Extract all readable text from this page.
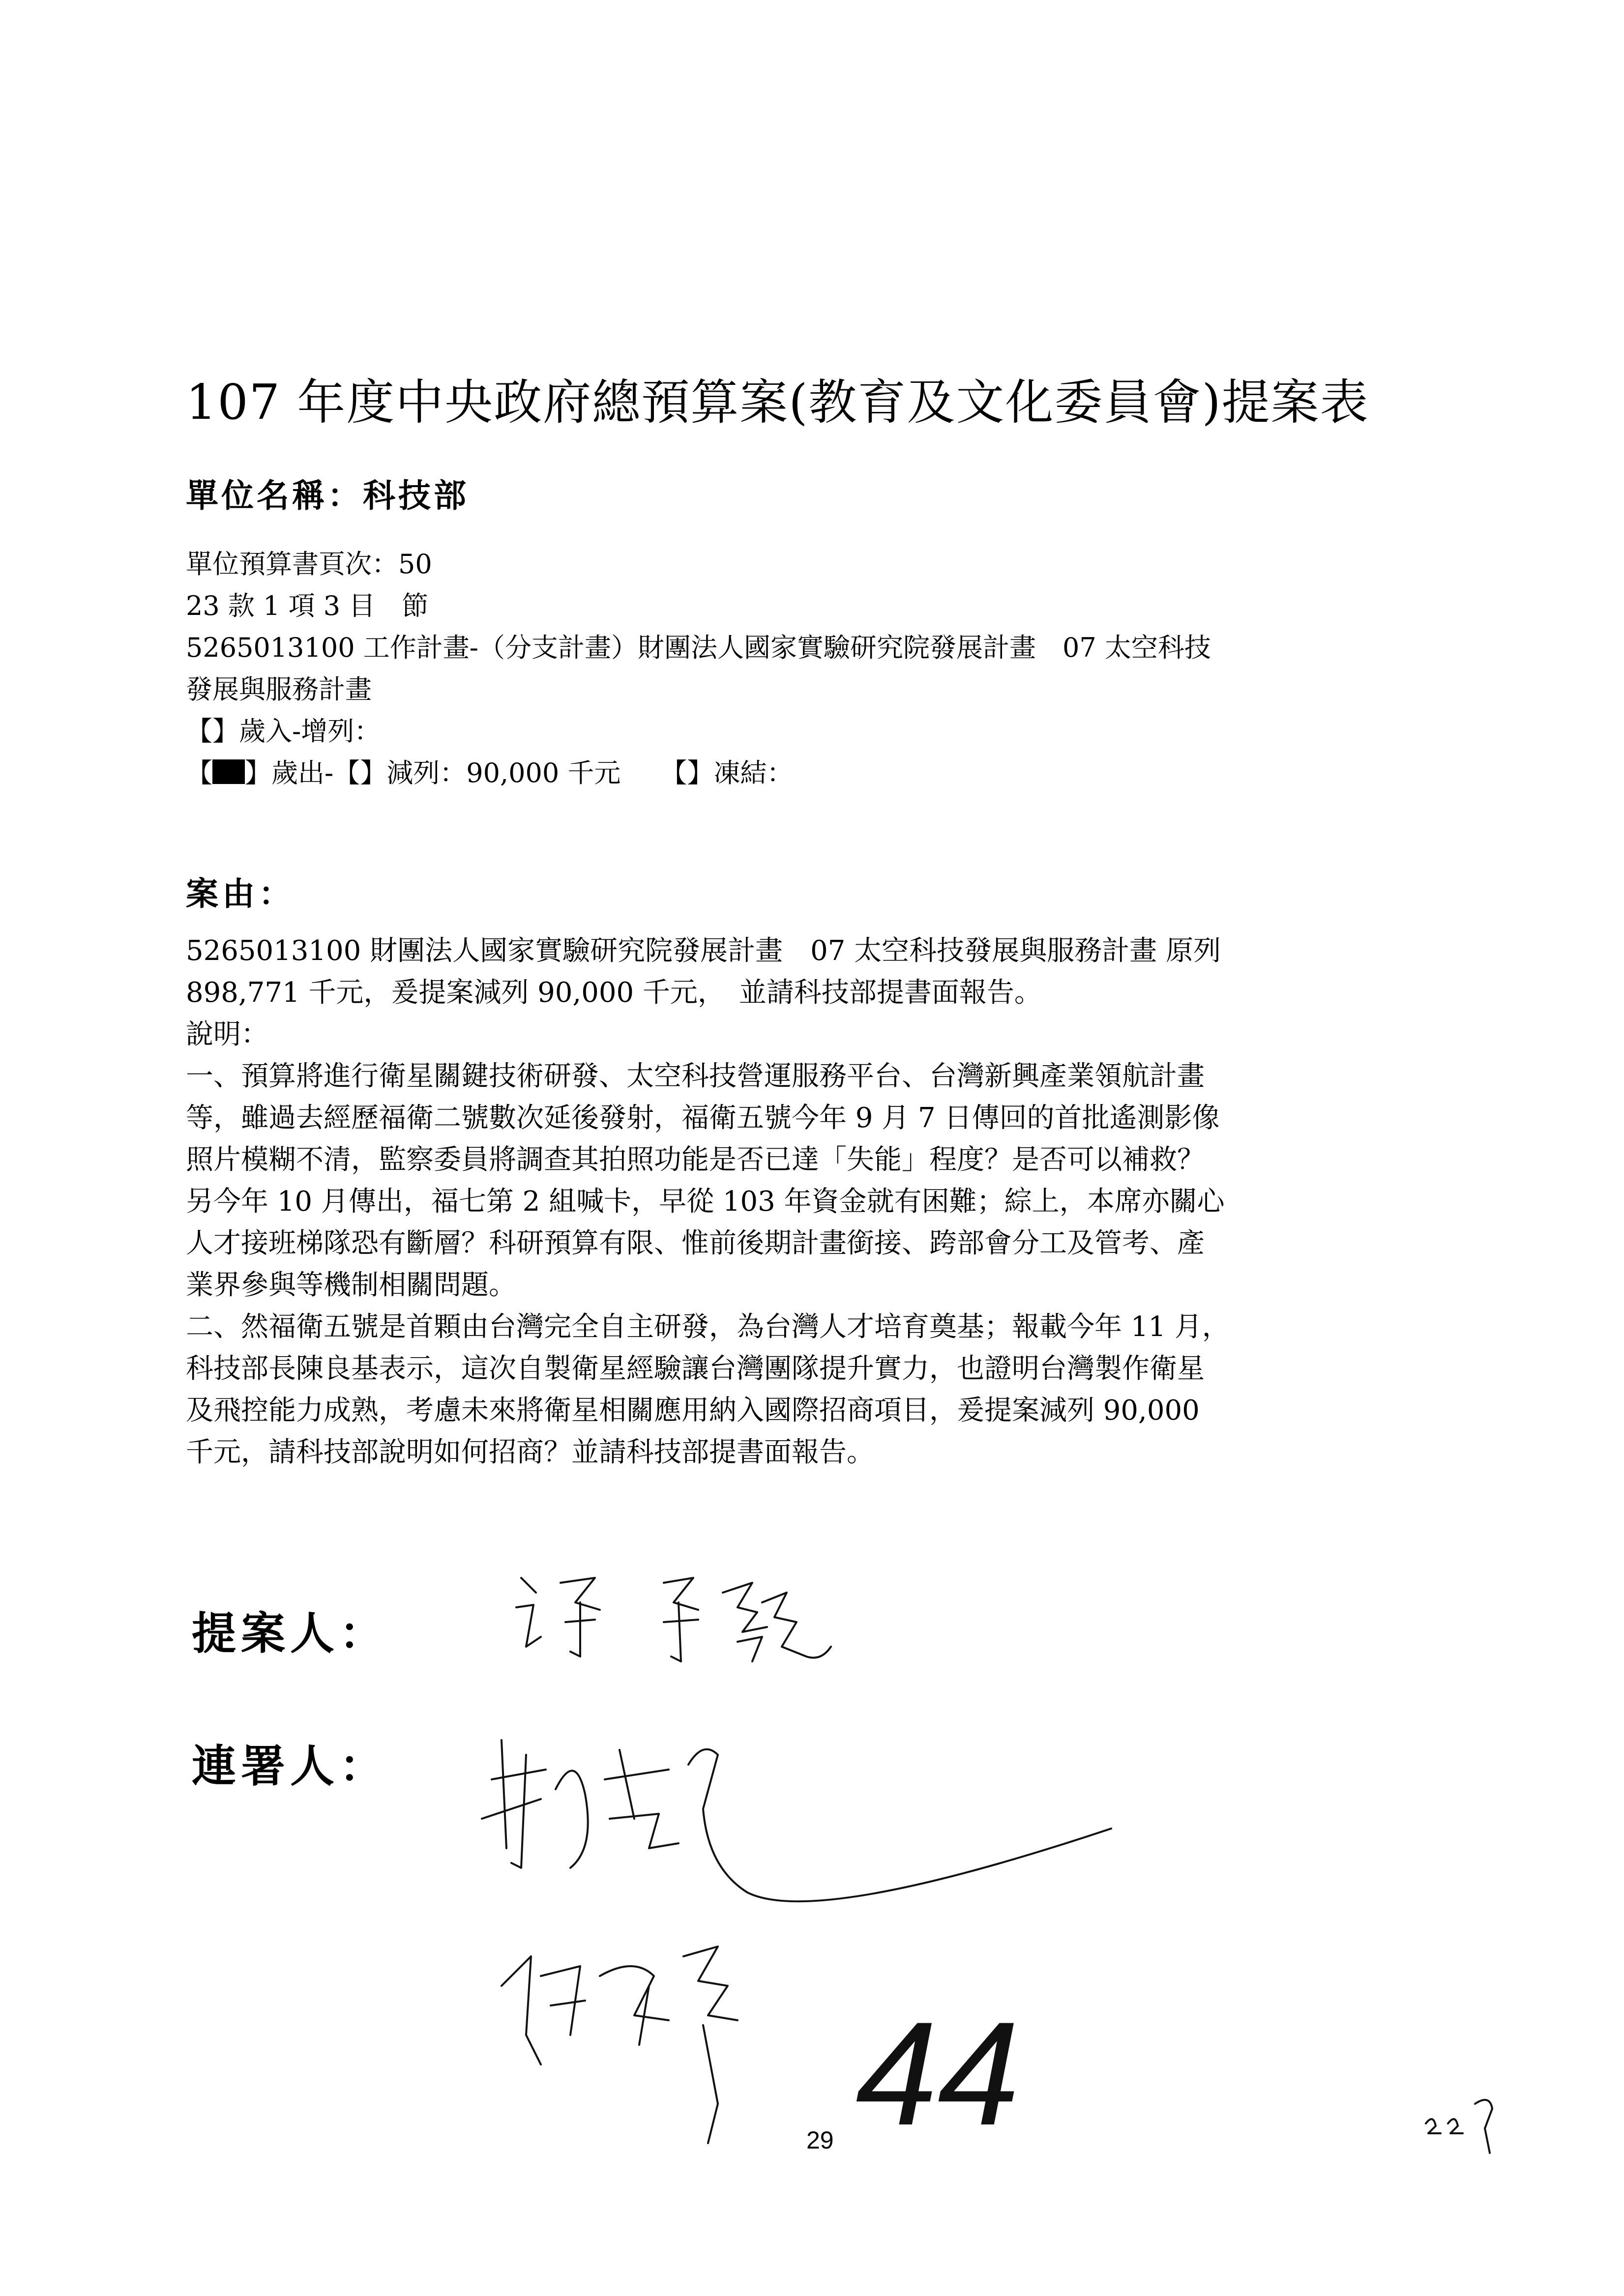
107 年度中央政府總預算案(教育及文化委員會)提案表
單位名稱：科技部
單位預算書頁次：50
23 款 1 項 3 目　節
5265013100 工作計畫-（分支計畫）財團法人國家實驗研究院發展計畫　07 太空科技
發展與服務計畫
【】歲入-增列：
【 】歲出-【】減列：90,000 千元　　【】凍結：
案由：
5265013100 財團法人國家實驗研究院發展計畫　07 太空科技發展與服務計畫 原列
898,771 千元，爰提案減列 90,000 千元，　並請科技部提書面報告。
說明：
一、預算將進行衛星關鍵技術研發、太空科技營運服務平台、台灣新興產業領航計畫
等，雖過去經歷福衛二號數次延後發射，福衛五號今年 9 月 7 日傳回的首批遙測影像
照片模糊不清，監察委員將調查其拍照功能是否已達「失能」程度？是否可以補救？
另今年 10 月傳出，福七第 2 組喊卡，早從 103 年資金就有困難；綜上，本席亦關心
人才接班梯隊恐有斷層？科研預算有限、惟前後期計畫銜接、跨部會分工及管考、產
業界參與等機制相關問題。
二、然福衛五號是首顆由台灣完全自主研發，為台灣人才培育奠基；報載今年 11 月，
科技部長陳良基表示，這次自製衛星經驗讓台灣團隊提升實力，也證明台灣製作衛星
及飛控能力成熟，考慮未來將衛星相關應用納入國際招商項目，爰提案減列 90,000
千元，請科技部說明如何招商？並請科技部提書面報告。
提案人：
連署人：
44
29
